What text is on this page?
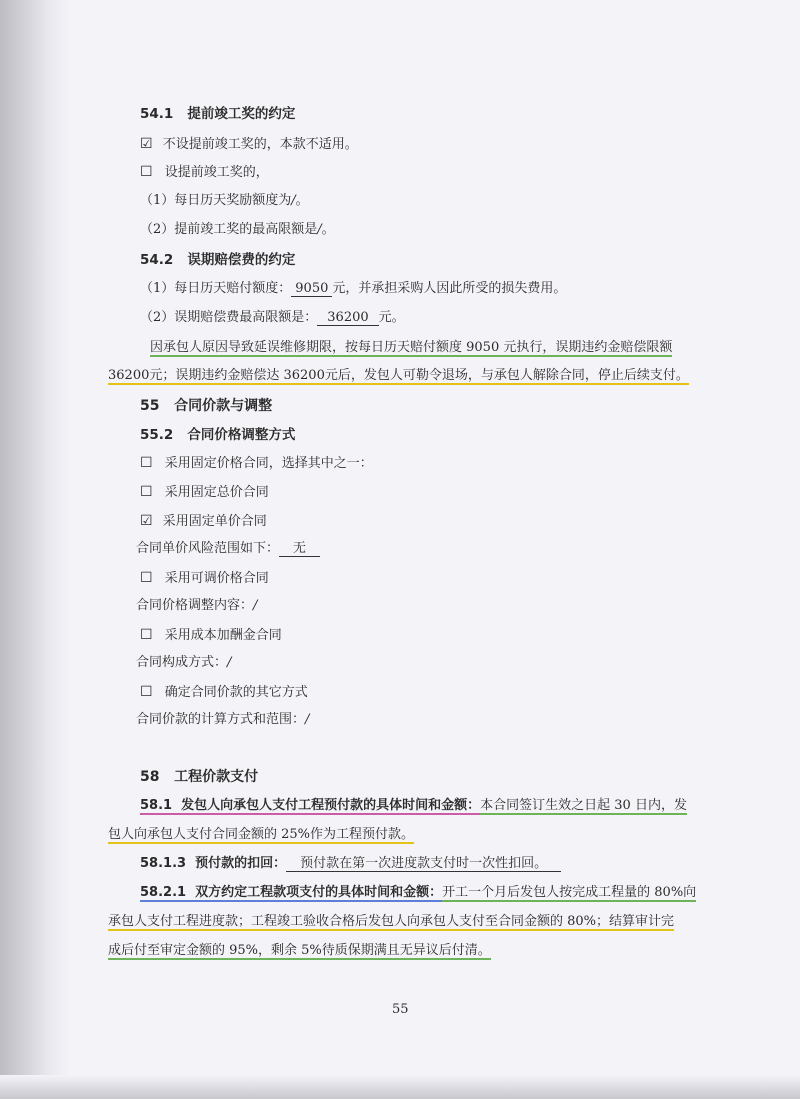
54.1 提前竣工奖的约定
☑ 不设提前竣工奖的，本款不适用。
☐ 设提前竣工奖的，
（1）每日历天奖励额度为/。
（2）提前竣工奖的最高限额是/。
54.2 误期赔偿费的约定
（1）每日历天赔付额度： 9050 元，并承担采购人因此所受的损失费用。
（2）误期赔偿费最高限额是： 36200 元。
因承包人原因导致延误维修期限，按每日历天赔付额度 9050 元执行，误期违约金赔偿限额
36200元；误期违约金赔偿达 36200元后，发包人可勒令退场，与承包人解除合同，停止后续支付。
55 合同价款与调整
55.2 合同价格调整方式
☐ 采用固定价格合同，选择其中之一：
☐ 采用固定总价合同
☑ 采用固定单价合同
合同单价风险范围如下： 无
☐ 采用可调价格合同
合同价格调整内容：/
☐ 采用成本加酬金合同
合同构成方式：/
☐ 确定合同价款的其它方式
合同价款的计算方式和范围：/
58 工程价款支付
58.1 发包人向承包人支付工程预付款的具体时间和金额：本合同签订生效之日起 30 日内，发
包人向承包人支付合同金额的 25%作为工程预付款。
58.1.3 预付款的扣回： 预付款在第一次进度款支付时一次性扣回。
58.2.1 双方约定工程款项支付的具体时间和金额：开工一个月后发包人按完成工程量的 80%向
承包人支付工程进度款；工程竣工验收合格后发包人向承包人支付至合同金额的 80%；结算审计完
成后付至审定金额的 95%，剩余 5%待质保期满且无异议后付清。
55
